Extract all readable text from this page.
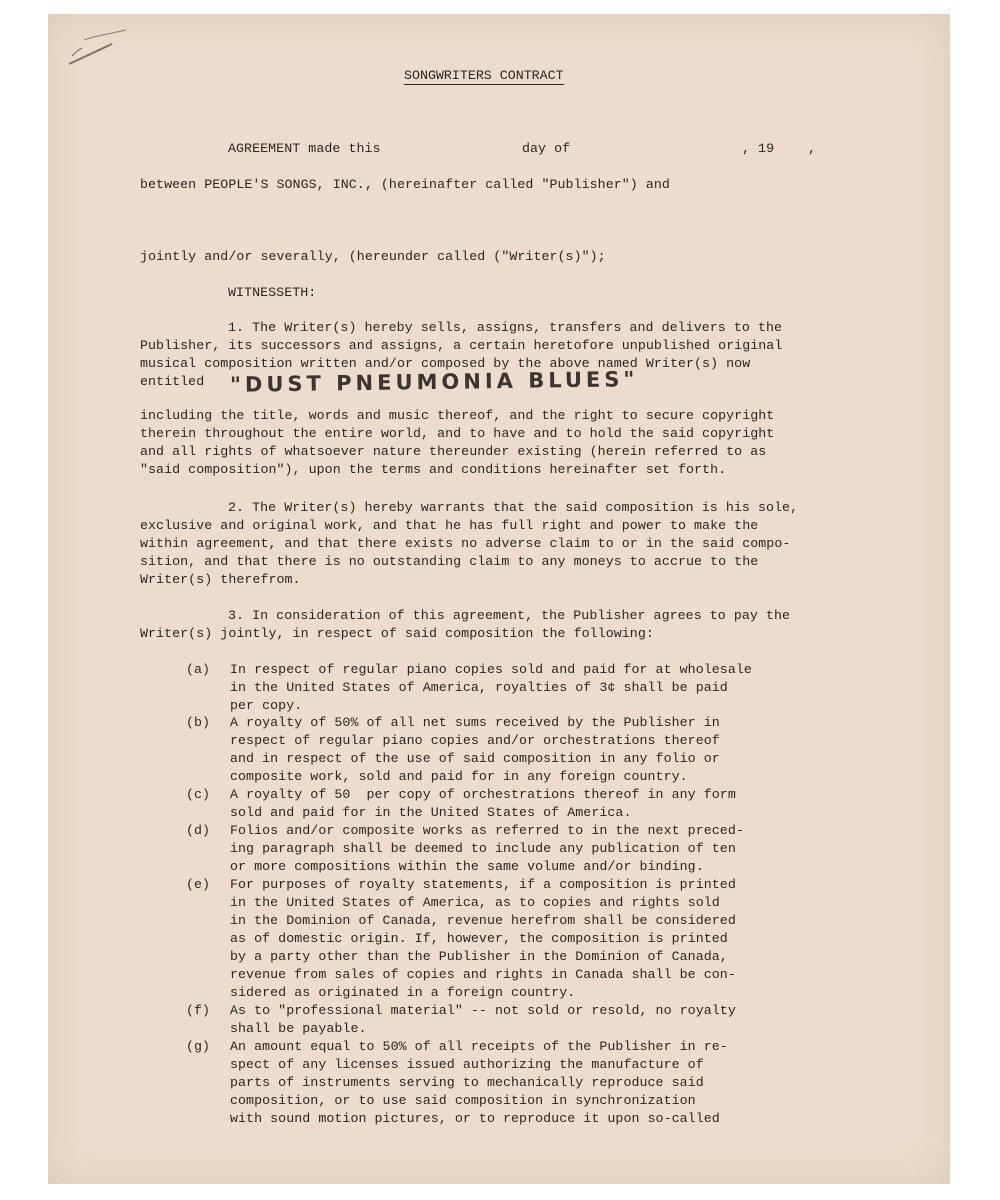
SONGWRITERS CONTRACT
AGREEMENT made this	day of	, 19	,
between PEOPLE'S SONGS, INC., (hereinafter called "Publisher") and
jointly and/or severally, (hereunder called ("Writer(s)");
WITNESSETH:
1. The Writer(s) hereby sells, assigns, transfers and delivers to the
Publisher, its successors and assigns, a certain heretofore unpublished original
musical composition written and/or composed by the above named Writer(s) now
entitled "DUST PNEUMONIA BLUES"
including the title, words and music thereof, and the right to secure copyright
therein throughout the entire world, and to have and to hold the said copyright
and all rights of whatsoever nature thereunder existing (herein referred to as
"said composition"), upon the terms and conditions hereinafter set forth.
2. The Writer(s) hereby warrants that the said composition is his sole,
exclusive and original work, and that he has full right and power to make the
within agreement, and that there exists no adverse claim to or in the said compo-
sition, and that there is no outstanding claim to any moneys to accrue to the
Writer(s) therefrom.
3. In consideration of this agreement, the Publisher agrees to pay the
Writer(s) jointly, in respect of said composition the following:
(a) In respect of regular piano copies sold and paid for at wholesale
in the United States of America, royalties of 3¢ shall be paid
per copy.
(b) A royalty of 50% of all net sums received by the Publisher in
respect of regular piano copies and/or orchestrations thereof
and in respect of the use of said composition in any folio or
composite work, sold and paid for in any foreign country.
(c) A royalty of 50  per copy of orchestrations thereof in any form
sold and paid for in the United States of America.
(d) Folios and/or composite works as referred to in the next preced-
ing paragraph shall be deemed to include any publication of ten
or more compositions within the same volume and/or binding.
(e) For purposes of royalty statements, if a composition is printed
in the United States of America, as to copies and rights sold
in the Dominion of Canada, revenue herefrom shall be considered
as of domestic origin. If, however, the composition is printed
by a party other than the Publisher in the Dominion of Canada,
revenue from sales of copies and rights in Canada shall be con-
sidered as originated in a foreign country.
(f) As to "professional material" -- not sold or resold, no royalty
shall be payable.
(g) An amount equal to 50% of all receipts of the Publisher in re-
spect of any licenses issued authorizing the manufacture of
parts of instruments serving to mechanically reproduce said
composition, or to use said composition in synchronization
with sound motion pictures, or to reproduce it upon so-called
